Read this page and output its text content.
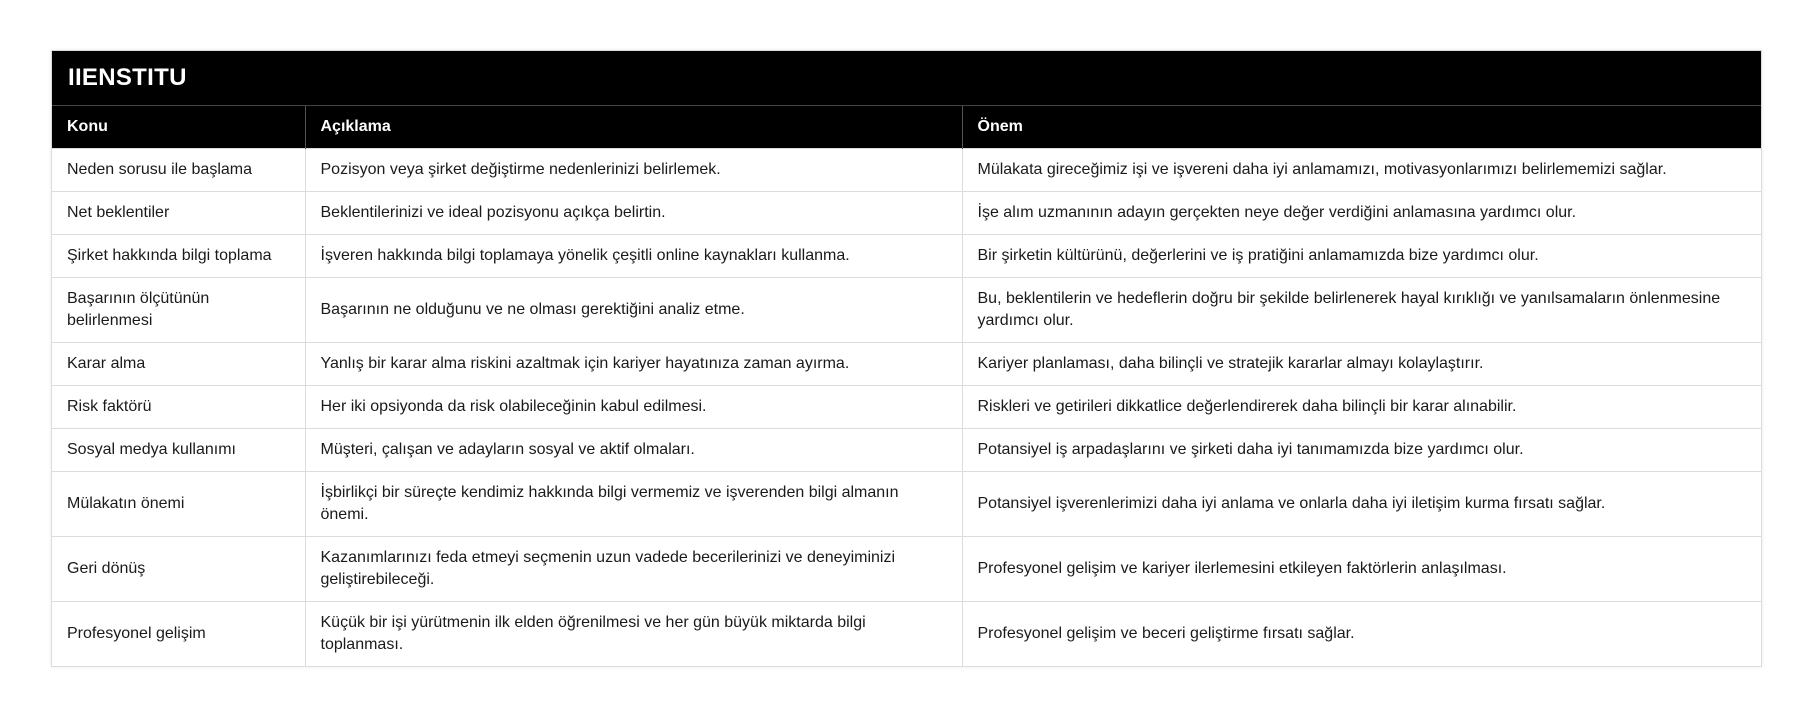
IIENSTITU
Konu	Açıklama	Önem
Neden sorusu ile başlama	Pozisyon veya şirket değiştirme nedenlerinizi belirlemek.	Mülakata gireceğimiz işi ve işvereni daha iyi anlamamızı, motivasyonlarımızı belirlememizi sağlar.
Net beklentiler	Beklentilerinizi ve ideal pozisyonu açıkça belirtin.	İşe alım uzmanının adayın gerçekten neye değer verdiğini anlamasına yardımcı olur.
Şirket hakkında bilgi toplama	İşveren hakkında bilgi toplamaya yönelik çeşitli online kaynakları kullanma.	Bir şirketin kültürünü, değerlerini ve iş pratiğini anlamamızda bize yardımcı olur.
Başarının ölçütünün belirlenmesi	Başarının ne olduğunu ve ne olması gerektiğini analiz etme.	Bu, beklentilerin ve hedeflerin doğru bir şekilde belirlenerek hayal kırıklığı ve yanılsamaların önlenmesine yardımcı olur.
Karar alma	Yanlış bir karar alma riskini azaltmak için kariyer hayatınıza zaman ayırma.	Kariyer planlaması, daha bilinçli ve stratejik kararlar almayı kolaylaştırır.
Risk faktörü	Her iki opsiyonda da risk olabileceğinin kabul edilmesi.	Riskleri ve getirileri dikkatlice değerlendirerek daha bilinçli bir karar alınabilir.
Sosyal medya kullanımı	Müşteri, çalışan ve adayların sosyal ve aktif olmaları.	Potansiyel iş arpadaşlarını ve şirketi daha iyi tanımamızda bize yardımcı olur.
Mülakatın önemi	İşbirlikçi bir süreçte kendimiz hakkında bilgi vermemiz ve işverenden bilgi almanın önemi.	Potansiyel işverenlerimizi daha iyi anlama ve onlarla daha iyi iletişim kurma fırsatı sağlar.
Geri dönüş	Kazanımlarınızı feda etmeyi seçmenin uzun vadede becerilerinizi ve deneyiminizi geliştirebileceği.	Profesyonel gelişim ve kariyer ilerlemesini etkileyen faktörlerin anlaşılması.
Profesyonel gelişim	Küçük bir işi yürütmenin ilk elden öğrenilmesi ve her gün büyük miktarda bilgi toplanması.	Profesyonel gelişim ve beceri geliştirme fırsatı sağlar.
